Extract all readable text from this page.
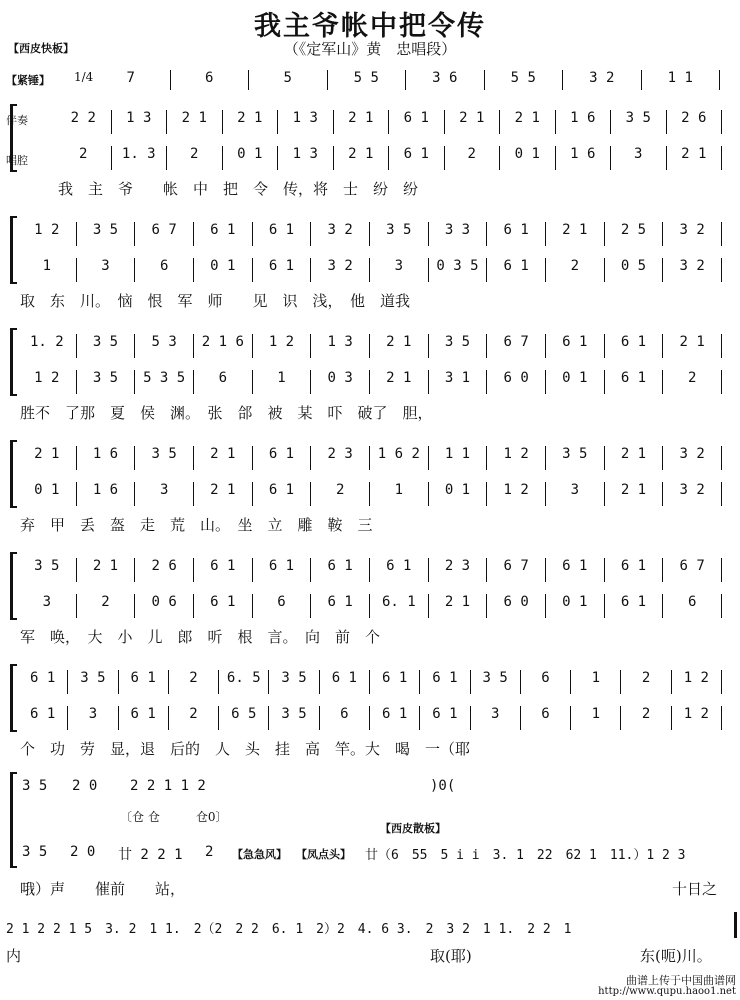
我主爷帐中把令传
（《定军山》黄　忠唱段）
【西皮快板】
【紧锤】 1/4	7	6	5	5 5	3 6	5 5	3 2	1 1
伴奏
唱腔
2 2	1 3	2 1	2 1	1 3	2 1	6 1	2 1	2 1	1 6	3 5	2 6
2	1. 3	2	0 1	1 3	2 1	6 1	2	0 1	1 6	3	2 1
我　主　爷　　帐　中　把　令　传，将　士　纷　纷
1 2	3 5	6 7	6 1	6 1	3 2	3 5	3 3	6 1	2 1	2 5	3 2
1	3	6	0 1	6 1	3 2	3	0 3 5	6 1	2	0 5	3 2
取　东　川。　恼　恨　军　师　　见　识　浅，　他　道我
1. 2	3 5	5 3	2 1 6	1 2	1 3	2 1	3 5	6 7	6 1	6 1	2 1
1 2	3 5	5 3 5	6	1	0 3	2 1	3 1	6 0	0 1	6 1	2
胜不　了那　夏　侯　渊。　张　郃　被　某　吓　破了　胆，
2 1	1 6	3 5	2 1	6 1	2 3	1 6 2	1 1	1 2	3 5	2 1	3 2
0 1	1 6	3	2 1	6 1	2	1	0 1	1 2	3	2 1	3 2
弃　甲　丢　盔　走　荒　山。　坐　立　雕　鞍　三
3 5	2 1	2 6	6 1	6 1	6 1	6 1	2 3	6 7	6 1	6 1	6 7
3	2	0 6	6 1	6	6 1	6. 1	2 1	6 0	0 1	6 1	6
军　唤，　大　小　儿　郎　听　根　言。　向　前　个
6 1	3 5	6 1	2	6. 5	3 5	6 1	6 1	6 1	3 5	6	1	2	1 2
6 1	3	6 1	2	6 5	3 5	6	6 1	6 1	3	6	1	2	1 2
个　功　劳　显，退　后的　人　头　挂　高　竿。大　喝　一（耶
3 5 2 0 2 2 1 1 2	)0(
〔仓 仓　　　仓0〕
【西皮散板】
3 5 2 0 廿 2 2 1 2 【急急风】 【凤点头】 廿（6　55　5 i i　3. 1　22　62 1　11.）1 2 3
哦）声　　催前　　站，	十日之
2 1 2 2 1 5　3. 2　1 1.　2（2　2 2　6. 1　2）2　4. 6 3.　2　3 2　1 1.　2 2　1
内	取(耶)	东(呃)川。
曲谱上传于中国曲谱网
http://www.qupu.haoo1.net
